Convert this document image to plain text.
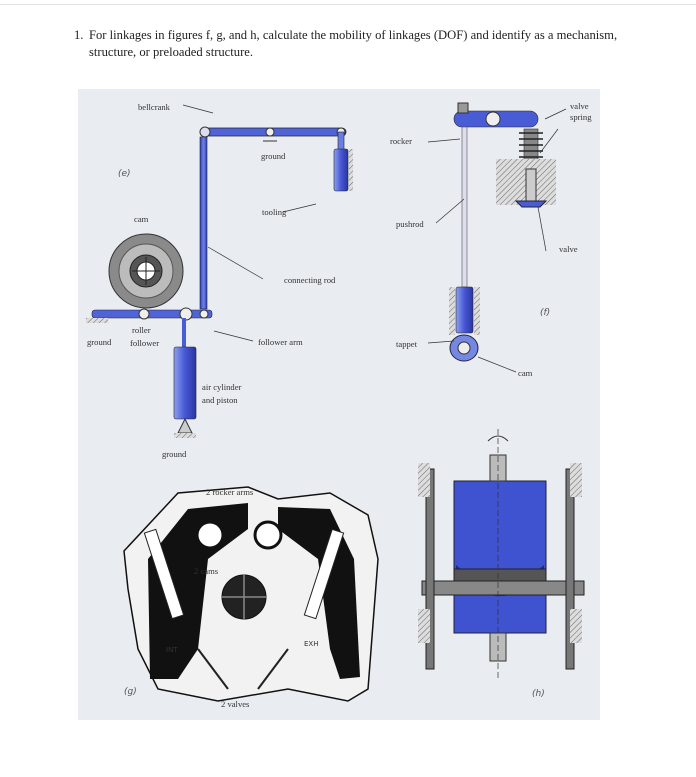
1. For linkages in figures f, g, and h, calculate the mobility of linkages (DOF) and identify as a mechanism, structure, or preloaded structure.
bellcrank
ground
(e)
tooling
cam
connecting rod
roller
ground follower	follower arm
air cylinder
and piston
ground
valve
spring
rocker
pushrod
valve
(f)
tappet
cam
2 rocker arms
2 cams
INT
EXH
(g)
2 valves
(h)
